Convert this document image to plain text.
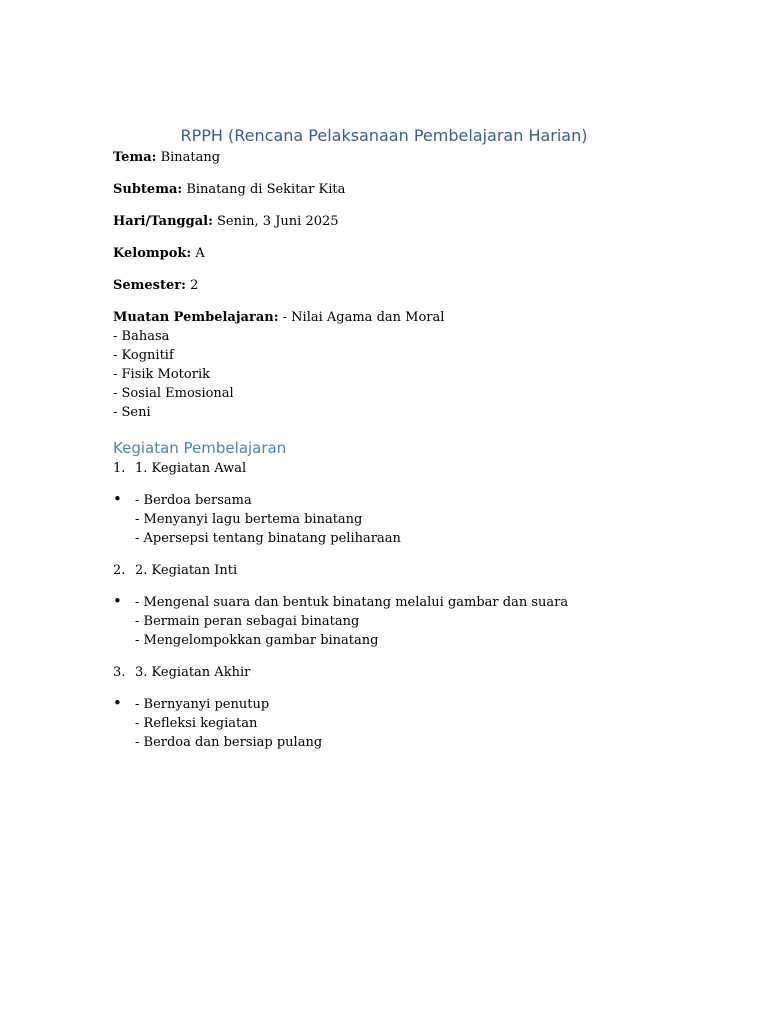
RPPH (Rencana Pelaksanaan Pembelajaran Harian)
Tema: Binatang
Subtema: Binatang di Sekitar Kita
Hari/Tanggal: Senin, 3 Juni 2025
Kelompok: A
Semester: 2
Muatan Pembelajaran: - Nilai Agama dan Moral
- Bahasa
- Kognitif
- Fisik Motorik
- Sosial Emosional
- Seni
Kegiatan Pembelajaran
1. 1. Kegiatan Awal
• - Berdoa bersama
- Menyanyi lagu bertema binatang
- Apersepsi tentang binatang peliharaan
2. 2. Kegiatan Inti
• - Mengenal suara dan bentuk binatang melalui gambar dan suara
- Bermain peran sebagai binatang
- Mengelompokkan gambar binatang
3. 3. Kegiatan Akhir
• - Bernyanyi penutup
- Refleksi kegiatan
- Berdoa dan bersiap pulang
